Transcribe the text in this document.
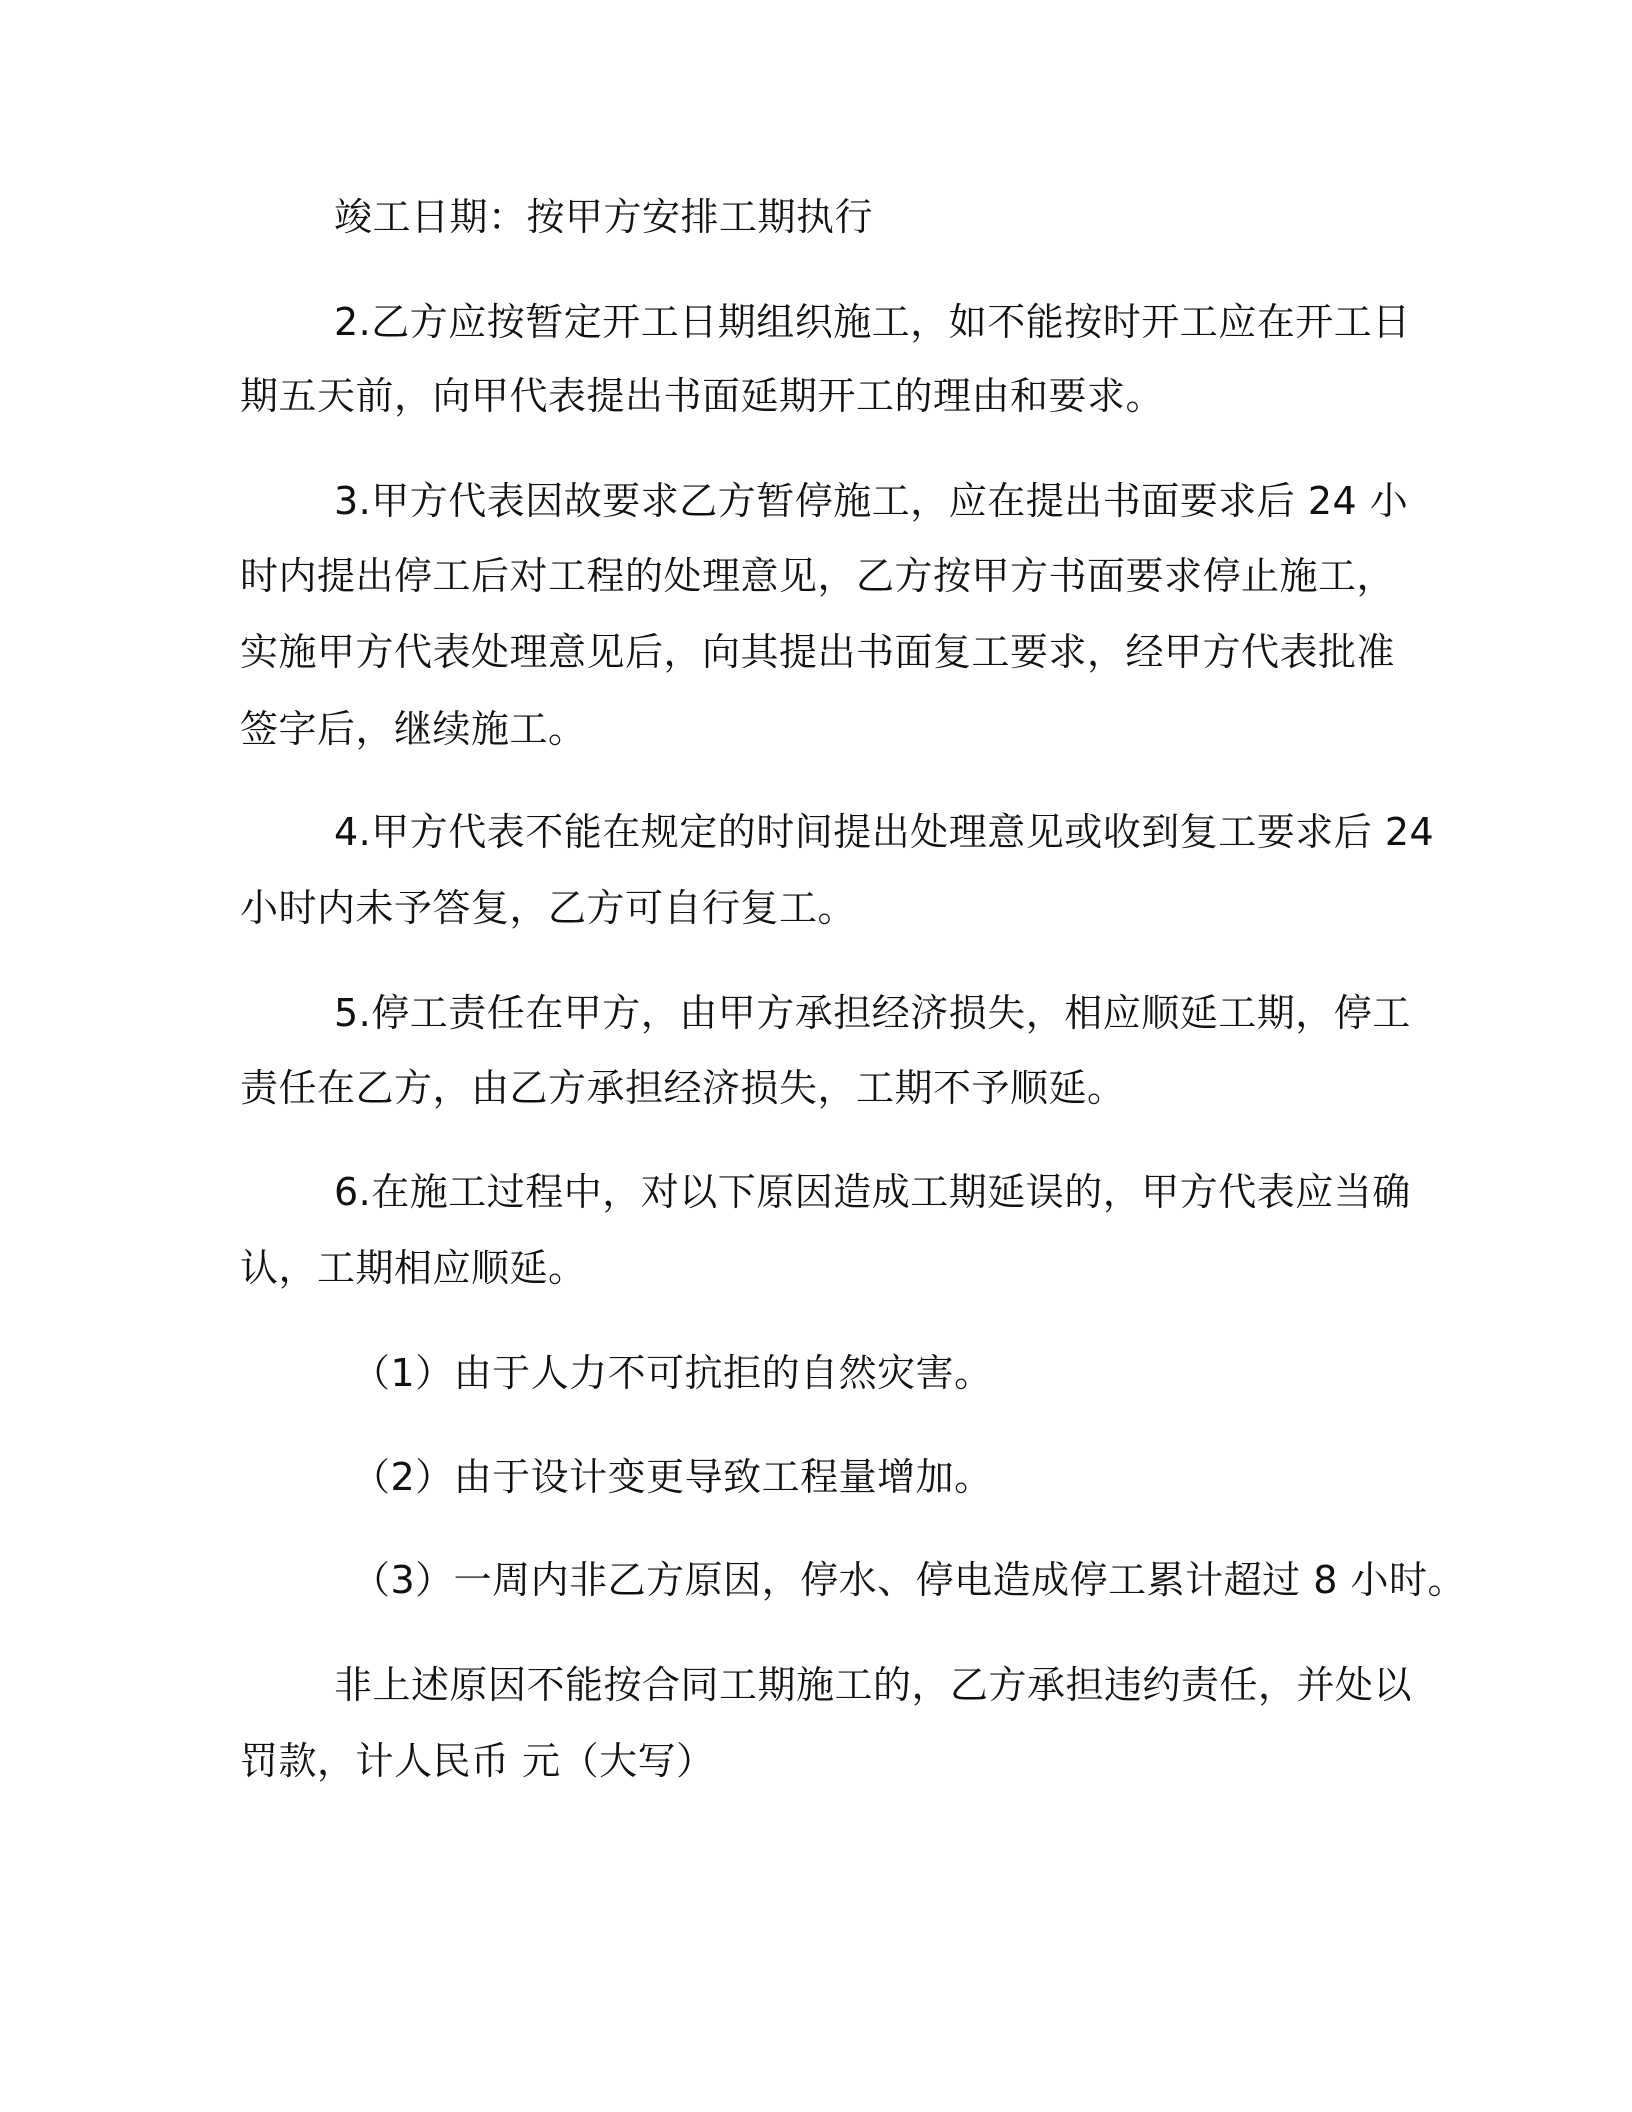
竣工日期：按甲方安排工期执行
2.乙方应按暂定开工日期组织施工，如不能按时开工应在开工日
期五天前，向甲代表提出书面延期开工的理由和要求。
3.甲方代表因故要求乙方暂停施工，应在提出书面要求后 24 小
时内提出停工后对工程的处理意见，乙方按甲方书面要求停止施工，
实施甲方代表处理意见后，向其提出书面复工要求，经甲方代表批准
签字后，继续施工。
4.甲方代表不能在规定的时间提出处理意见或收到复工要求后 24
小时内未予答复，乙方可自行复工。
5.停工责任在甲方，由甲方承担经济损失，相应顺延工期，停工
责任在乙方，由乙方承担经济损失，工期不予顺延。
6.在施工过程中，对以下原因造成工期延误的，甲方代表应当确
认，工期相应顺延。
（1）由于人力不可抗拒的自然灾害。
（2）由于设计变更导致工程量增加。
（3）一周内非乙方原因，停水、停电造成停工累计超过 8 小时。
非上述原因不能按合同工期施工的，乙方承担违约责任，并处以
罚款，计人民币 元（大写）
